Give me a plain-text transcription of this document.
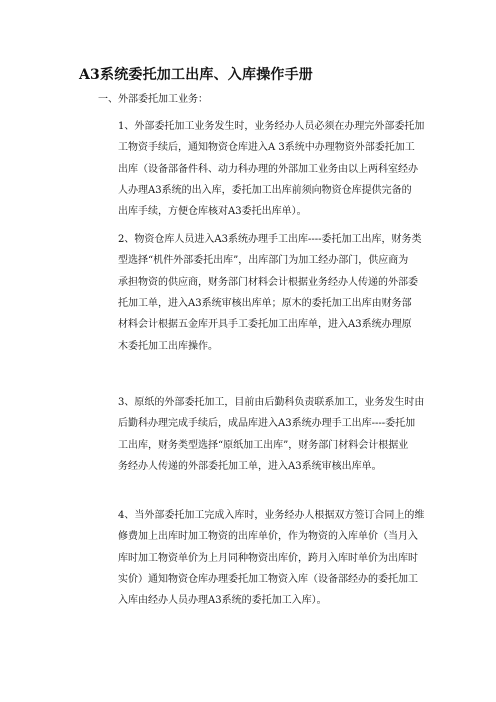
A3系统委托加工出库、入库操作手册

一、外部委托加工业务：

1、外部委托加工业务发生时，业务经办人员必须在办理完外部委托加

工物资手续后，通知物资仓库进入A 3系统中办理物资外部委托加工

出库（设备部备件科、动力科办理的外部加工业务由以上两科室经办

人办理A3系统的出入库，委托加工出库前须向物资仓库提供完备的

出库手续，方便仓库核对A3委托出库单）。

2、物资仓库人员进入A3系统办理手工出库----委托加工出库，财务类

型选择“机件外部委托出库”，出库部门为加工经办部门，供应商为

承担物资的供应商，财务部门材料会计根据业务经办人传递的外部委

托加工单，进入A3系统审核出库单；原木的委托加工出库由财务部

材料会计根据五金库开具手工委托加工出库单，进入A3系统办理原

木委托加工出库操作。

3、原纸的外部委托加工，目前由后勤科负责联系加工，业务发生时由

后勤科办理完成手续后，成品库进入A3系统办理手工出库----委托加

工出库，财务类型选择“原纸加工出库”，财务部门材料会计根据业

务经办人传递的外部委托加工单，进入A3系统审核出库单。

4、当外部委托加工完成入库时，业务经办人根据双方签订合同上的维

修费加上出库时加工物资的出库单价，作为物资的入库单价（当月入

库时加工物资单价为上月同种物资出库价，跨月入库时单价为出库时

实价）通知物资仓库办理委托加工物资入库（设备部经办的委托加工

入库由经办人员办理A3系统的委托加工入库）。
